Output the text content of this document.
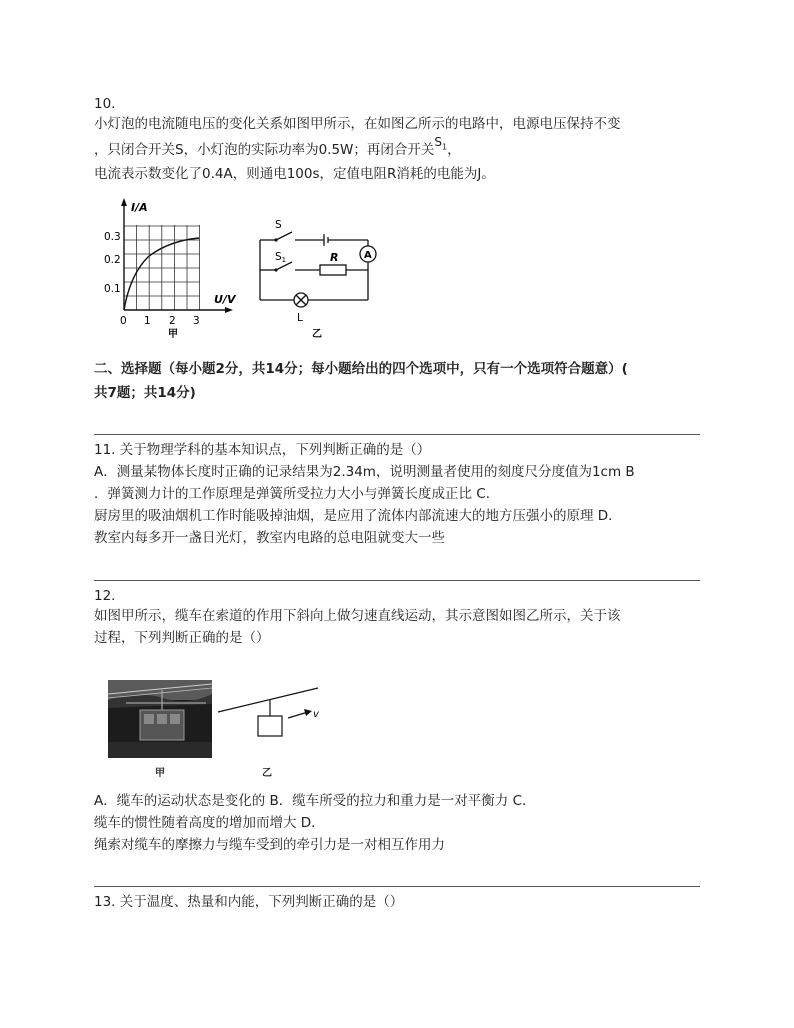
10.
小灯泡的电流随电压的变化关系如图甲所示，在如图乙所示的电路中，电源电压保持不变
，只闭合开关S，小灯泡的实际功率为0.5W；再闭合开关$S_1$，
电流表示数变化了0.4A，则通电100s，定值电阻R消耗的电能为J。
I/A
U/V
0.3
0.2
0.1
0 1 2 3
甲
A
S
S1	R
L
乙
二、选择题（每小题2分，共14分；每小题给出的四个选项中，只有一个选项符合题意）(
共7题；共14分)
11. 关于物理学科的基本知识点，下列判断正确的是（）
A．测量某物体长度时正确的记录结果为2.34m，说明测量者使用的刻度尺分度值为1cm B
．弹簧测力计的工作原理是弹簧所受拉力大小与弹簧长度成正比 C．
厨房里的吸油烟机工作时能吸掉油烟，是应用了流体内部流速大的地方压强小的原理 D．
教室内每多开一盏日光灯，教室内电路的总电阻就变大一些
12.
如图甲所示，缆车在索道的作用下斜向上做匀速直线运动，其示意图如图乙所示，关于该
过程，下列判断正确的是（）
甲
v
乙
A．缆车的运动状态是变化的 B．缆车所受的拉力和重力是一对平衡力 C．
缆车的惯性随着高度的增加而增大 D．
绳索对缆车的摩擦力与缆车受到的牵引力是一对相互作用力
13. 关于温度、热量和内能，下列判断正确的是（）
